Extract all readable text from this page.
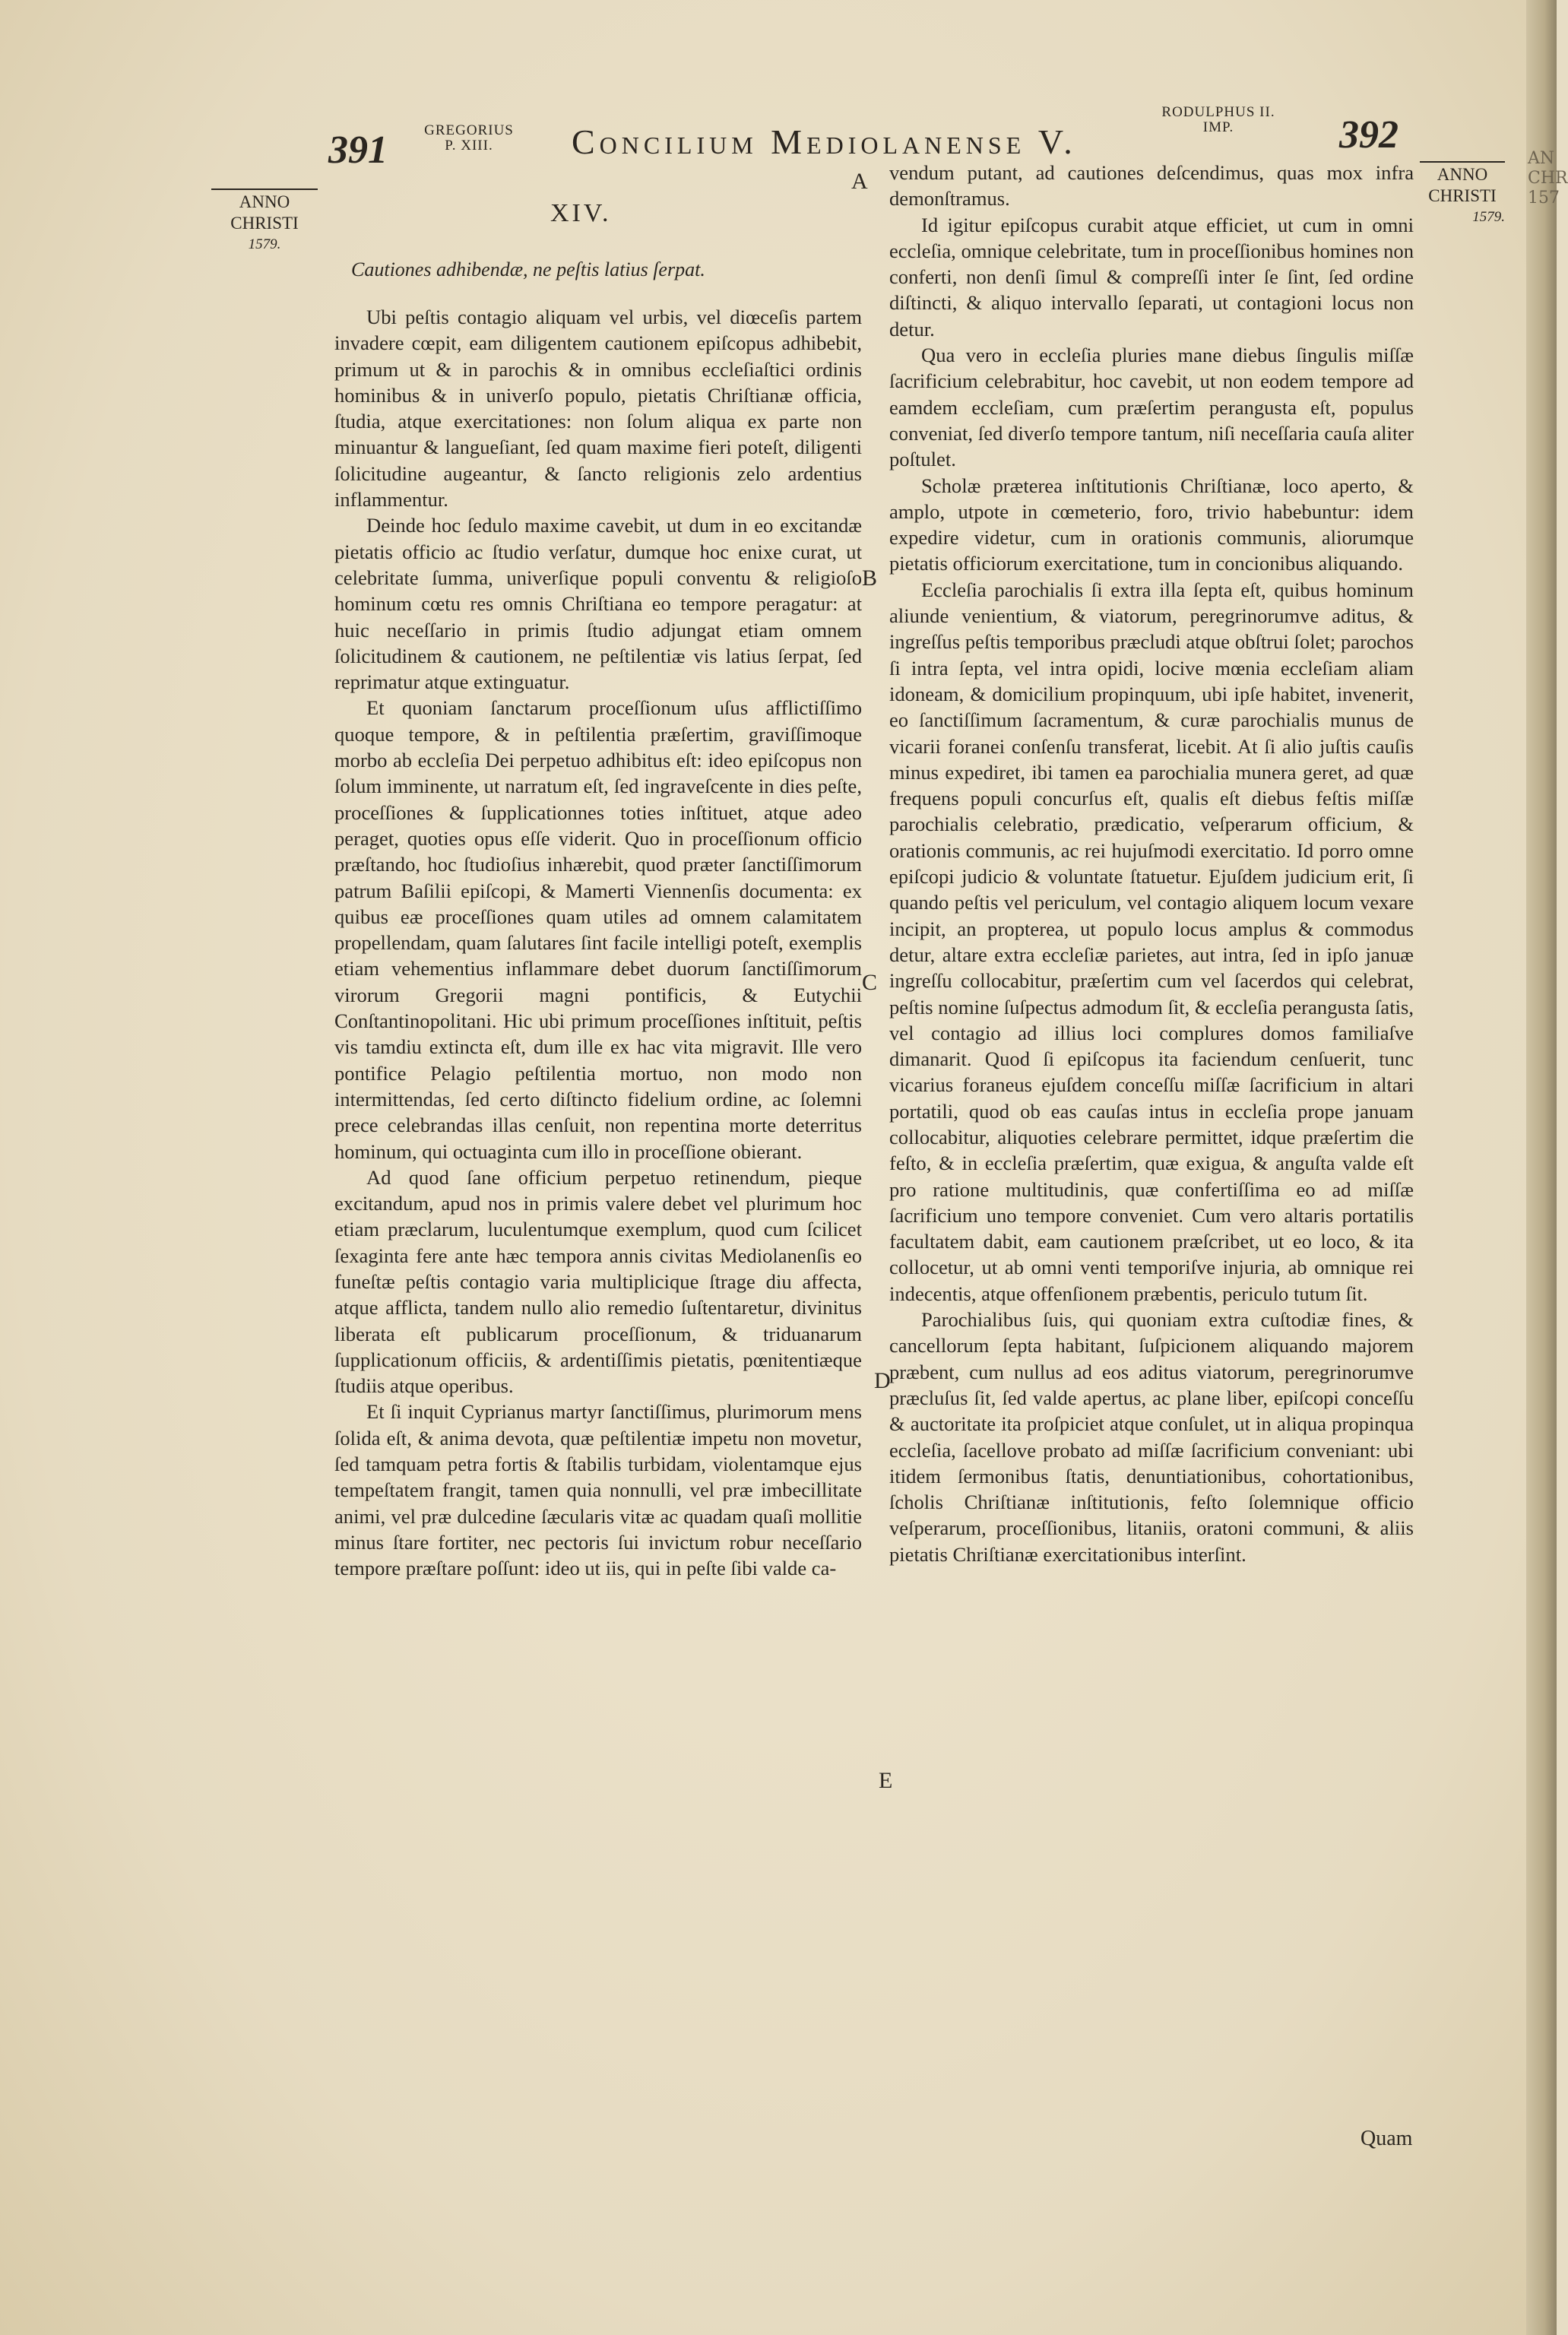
391	GREGORIUS P. XIII.	Concilium Mediolanense V.
RODULPHUS II. IMP.	392
ANNO
CHRISTI
1579.
ANNO
CHRISTI
1579.
XIV.
Cautiones adhibendæ, ne peſtis latius ſerpat.

Ubi peſtis contagio aliquam vel urbis, vel diœceſis partem invadere cœpit, eam diligentem cautionem epiſcopus adhibebit, primum ut & in parochis & in omnibus eccleſiaſtici ordinis hominibus & in univerſo populo, pietatis Chriſtianæ officia, ſtudia, atque exercitationes: non ſolum aliqua ex parte non minuantur & langueſiant, ſed quam maxime fieri poteſt, diligenti ſolicitudine augeantur, & ſancto religionis zelo ardentius inflammentur.

Deinde hoc ſedulo maxime cavebit, ut dum in eo excitandæ pietatis officio ac ſtudio verſatur, dumque hoc enixe curat, ut celebritate ſumma, univerſique populi conventu & religioſo hominum cœtu res omnis Chriſtiana eo tempore peragatur: at huic neceſſario in primis ſtudio adjungat etiam omnem ſolicitudinem & cautionem, ne peſtilentiæ vis latius ſerpat, ſed reprimatur atque extinguatur.

Et quoniam ſanctarum proceſſionum uſus afflictiſſimo quoque tempore, & in peſtilentia præſertim, graviſſimoque morbo ab eccleſia Dei perpetuo adhibitus eſt: ideo epiſcopus non ſolum imminente, ut narratum eſt, ſed ingraveſcente in dies peſte, proceſſiones & ſupplicationnes toties inſtituet, atque adeo peraget, quoties opus eſſe viderit. Quo in proceſſionum officio præſtando, hoc ſtudioſius inhærebit, quod præter ſanctiſſimorum patrum Baſilii epiſcopi, & Mamerti Viennenſis documenta: ex quibus eæ proceſſiones quam utiles ad omnem calamitatem propellendam, quam ſalutares ſint facile intelligi poteſt, exemplis etiam vehementius inflammare debet duorum ſanctiſſimorum virorum Gregorii magni pontificis, & Eutychii Conſtantinopolitani. Hic ubi primum proceſſiones inſtituit, peſtis vis tamdiu extincta eſt, dum ille ex hac vita migravit. Ille vero pontifice Pelagio peſtilentia mortuo, non modo non intermittendas, ſed certo diſtincto fidelium ordine, ac ſolemni prece celebrandas illas cenſuit, non repentina morte deterritus hominum, qui octuaginta cum illo in proceſſione obierant.

Ad quod ſane officium perpetuo retinendum, pieque excitandum, apud nos in primis valere debet vel plurimum hoc etiam præclarum, luculentumque exemplum, quod cum ſcilicet ſexaginta fere ante hæc tempora annis civitas Mediolanenſis eo funeſtæ peſtis contagio varia multiplicique ſtrage diu affecta, atque afflicta, tandem nullo alio remedio ſuſtentaretur, divinitus liberata eſt publicarum proceſſionum, & triduanarum ſupplicationum officiis, & ardentiſſimis pietatis, pœnitentiæque ſtudiis atque operibus.

Et ſi inquit Cyprianus martyr ſanctiſſimus, plurimorum mens ſolida eſt, & anima devota, quæ peſtilentiæ impetu non movetur, ſed tamquam petra fortis & ſtabilis turbidam, violentamque ejus tempeſtatem frangit, tamen quia nonnulli, vel præ imbecillitate animi, vel præ dulcedine ſæcularis vitæ ac quadam quaſi mollitie minus ſtare fortiter, nec pectoris ſui invictum robur neceſſario tempore præſtare poſſunt: ideo ut iis, qui in peſte ſibi valde ca-

A
B
C
D
E

vendum putant, ad cautiones deſcendimus, quas mox infra demonſtramus.

Id igitur epiſcopus curabit atque efficiet, ut cum in omni eccleſia, omnique celebritate, tum in proceſſionibus homines non conferti, non denſi ſimul & compreſſi inter ſe ſint, ſed ordine diſtincti, & aliquo intervallo ſeparati, ut contagioni locus non detur.

Qua vero in eccleſia pluries mane diebus ſingulis miſſæ ſacrificium celebrabitur, hoc cavebit, ut non eodem tempore ad eamdem eccleſiam, cum præſertim perangusta eſt, populus conveniat, ſed diverſo tempore tantum, niſi neceſſaria cauſa aliter poſtulet.

Scholæ præterea inſtitutionis Chriſtianæ, loco aperto, & amplo, utpote in cœmeterio, foro, trivio habebuntur: idem expedire videtur, cum in orationis communis, aliorumque pietatis officiorum exercitatione, tum in concionibus aliquando.

Eccleſia parochialis ſi extra illa ſepta eſt, quibus hominum aliunde venientium, & viatorum, peregrinorumve aditus, & ingreſſus peſtis temporibus præcludi atque obſtrui ſolet; parochos ſi intra ſepta, vel intra opidi, locive mœnia eccleſiam aliam idoneam, & domicilium propinquum, ubi ipſe habitet, invenerit, eo ſanctiſſimum ſacramentum, & curæ parochialis munus de vicarii foranei conſenſu transferat, licebit. At ſi alio juſtis cauſis minus expediret, ibi tamen ea parochialia munera geret, ad quæ frequens populi concurſus eſt, qualis eſt diebus feſtis miſſæ parochialis celebratio, prædicatio, veſperarum officium, & orationis communis, ac rei hujuſmodi exercitatio. Id porro omne epiſcopi judicio & voluntate ſtatuetur. Ejuſdem judicium erit, ſi quando peſtis vel periculum, vel contagio aliquem locum vexare incipit, an propterea, ut populo locus amplus & commodus detur, altare extra eccleſiæ parietes, aut intra, ſed in ipſo januæ ingreſſu collocabitur, præſertim cum vel ſacerdos qui celebrat, peſtis nomine ſuſpectus admodum ſit, & eccleſia perangusta ſatis, vel contagio ad illius loci complures domos familiaſve dimanarit. Quod ſi epiſcopus ita faciendum cenſuerit, tunc vicarius foraneus ejuſdem conceſſu miſſæ ſacrificium in altari portatili, quod ob eas cauſas intus in eccleſia prope januam collocabitur, aliquoties celebrare permittet, idque præſertim die feſto, & in eccleſia præſertim, quæ exigua, & anguſta valde eſt pro ratione multitudinis, quæ confertiſſima eo ad miſſæ ſacrificium uno tempore conveniet. Cum vero altaris portatilis facultatem dabit, eam cautionem præſcribet, ut eo loco, & ita collocetur, ut ab omni venti temporiſve injuria, ab omnique rei indecentis, atque offenſionem præbentis, periculo tutum ſit.

Parochialibus ſuis, qui quoniam extra cuſtodiæ fines, & cancellorum ſepta habitant, ſuſpicionem aliquando majorem præbent, cum nullus ad eos aditus viatorum, peregrinorumve præcluſus ſit, ſed valde apertus, ac plane liber, epiſcopi conceſſu & auctoritate ita proſpiciet atque conſulet, ut in aliqua propinqua eccleſia, ſacellove probato ad miſſæ ſacrificium conveniant: ubi itidem ſermonibus ſtatis, denuntiationibus, cohortationibus, ſcholis Chriſtianæ inſtitutionis, feſto ſolemnique officio veſperarum, proceſſionibus, litaniis, oratoni communi, & aliis pietatis Chriſtianæ exercitationibus interſint.

Quam
AN CHR 157
